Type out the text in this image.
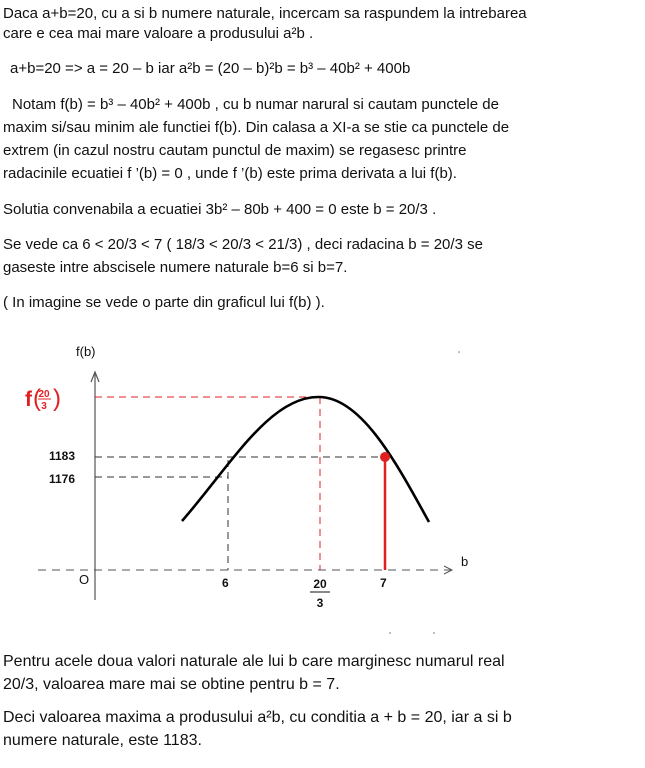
Daca a+b=20, cu a si b numere naturale, incercam sa raspundem la intrebarea

care e cea mai mare valoare a produsului a²b .

a+b=20 => a = 20 – b iar a²b = (20 – b)²b = b³ – 40b² + 400b

Notam f(b) = b³ – 40b² + 400b , cu b numar narural si cautam punctele de

maxim si/sau minim ale functiei f(b). Din calasa a XI-a se stie ca punctele de

extrem (in cazul nostru cautam punctul de maxim) se regasesc printre

radacinile ecuatiei f ’(b) = 0 , unde f ’(b) este prima derivata a lui f(b).

Solutia convenabila a ecuatiei 3b² – 80b + 400 = 0 este b = 20/3 .

Se vede ca 6 < 20/3 < 7 ( 18/3 < 20/3 < 21/3) , deci radacina b = 20/3 se

gaseste intre abscisele numere naturale b=6 si b=7.

( In imagine se vede o parte din graficul lui f(b) ).

f(b)
b
O
f (
20
3 )
1183
1176
6	7
20
3

Pentru acele doua valori naturale ale lui b care marginesc numarul real

20/3, valoarea mare mai se obtine pentru b = 7.

Deci valoarea maxima a produsului a²b, cu conditia a + b = 20, iar a si b

numere naturale, este 1183.
